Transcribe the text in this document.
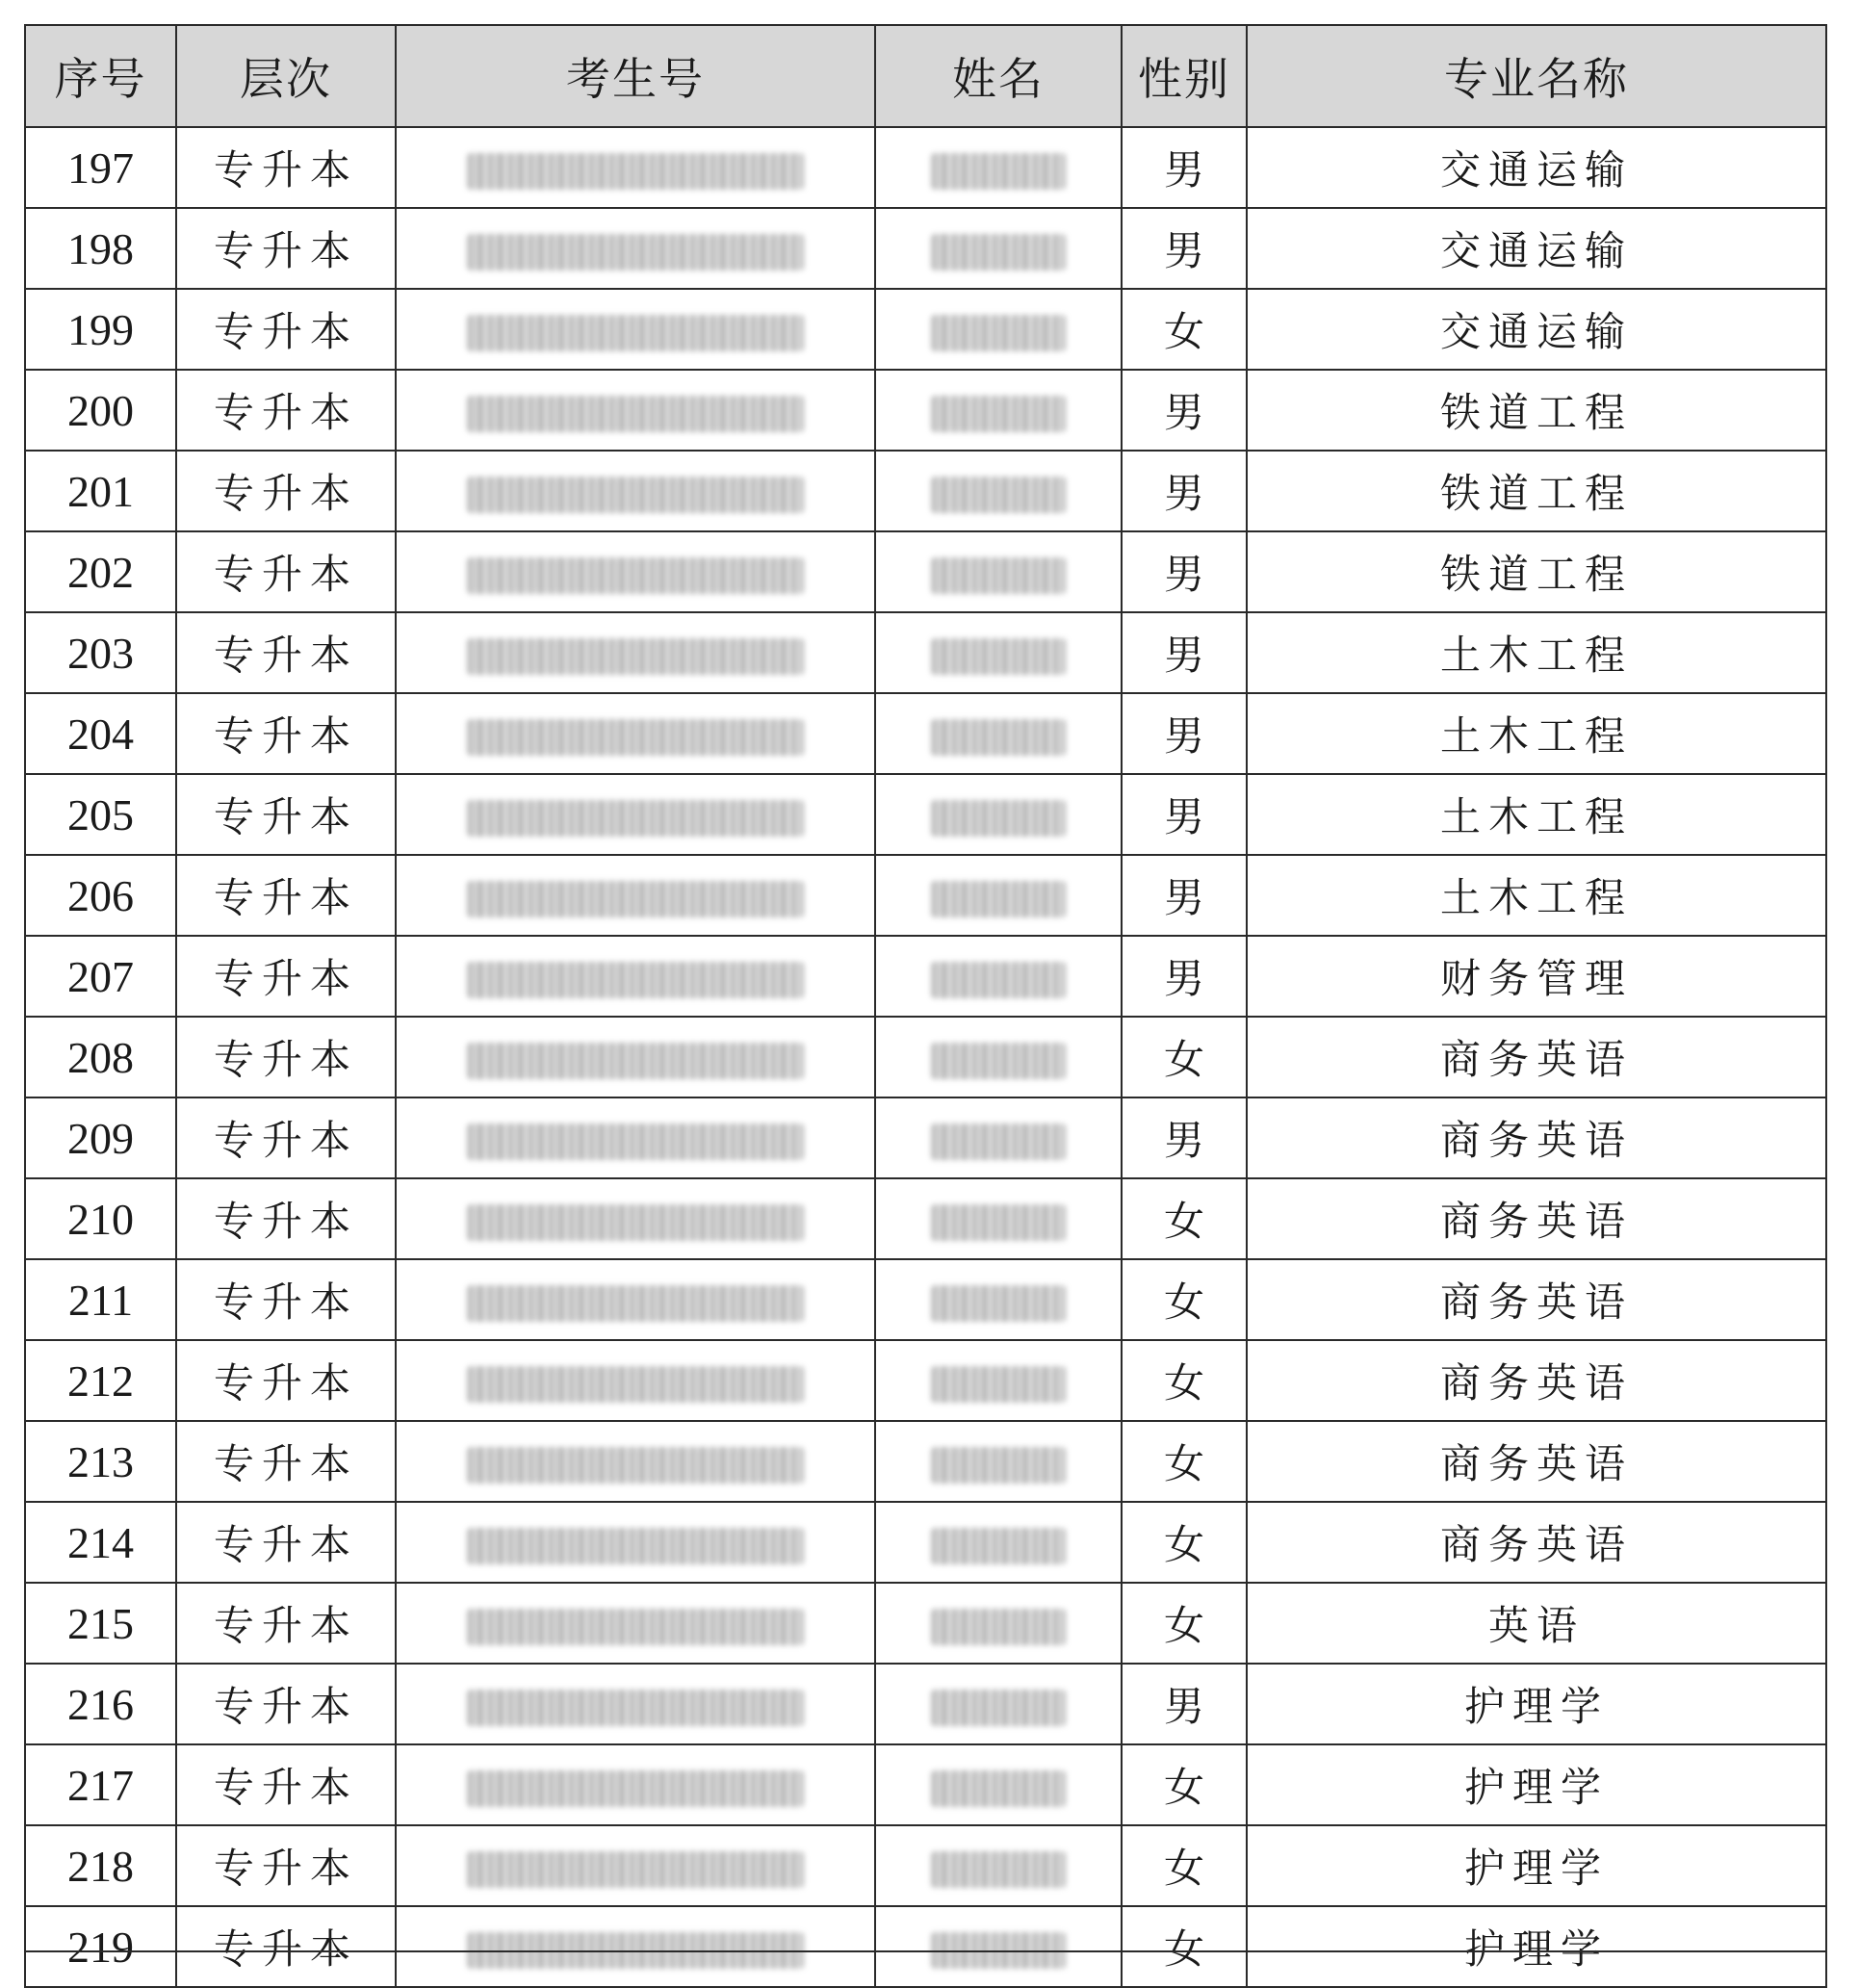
序号	层次	考生号	姓名	性别	专业名称
197	专升本			男	交通运输
198	专升本			男	交通运输
199	专升本			女	交通运输
200	专升本			男	铁道工程
201	专升本			男	铁道工程
202	专升本			男	铁道工程
203	专升本			男	土木工程
204	专升本			男	土木工程
205	专升本			男	土木工程
206	专升本			男	土木工程
207	专升本			男	财务管理
208	专升本			女	商务英语
209	专升本			男	商务英语
210	专升本			女	商务英语
211	专升本			女	商务英语
212	专升本			女	商务英语
213	专升本			女	商务英语
214	专升本			女	商务英语
215	专升本			女	英语
216	专升本			男	护理学
217	专升本			女	护理学
218	专升本			女	护理学
219	专升本			女	护理学
